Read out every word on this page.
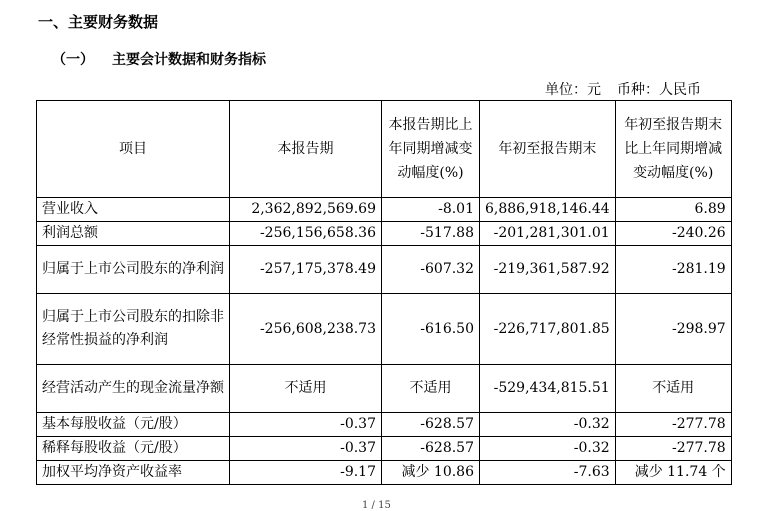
一、主要财务数据
（一） 主要会计数据和财务指标
单位：元 币种：人民币
项目	本报告期	本报告期比上年同期增减变动幅度(%)	年初至报告期末	年初至报告期末比上年同期增减变动幅度(%)
营业收入	2,362,892,569.69	-8.01	6,886,918,146.44	6.89
利润总额	-256,156,658.36	-517.88	-201,281,301.01	-240.26
归属于上市公司股东的净利润	-257,175,378.49	-607.32	-219,361,587.92	-281.19
归属于上市公司股东的扣除非经常性损益的净利润	-256,608,238.73	-616.50	-226,717,801.85	-298.97
经营活动产生的现金流量净额	不适用	不适用	-529,434,815.51	不适用
基本每股收益（元/股）	-0.37	-628.57	-0.32	-277.78
稀释每股收益（元/股）	-0.37	-628.57	-0.32	-277.78
加权平均净资产收益率	-9.17	减少 10.86	-7.63	减少 11.74 个
1 / 15
